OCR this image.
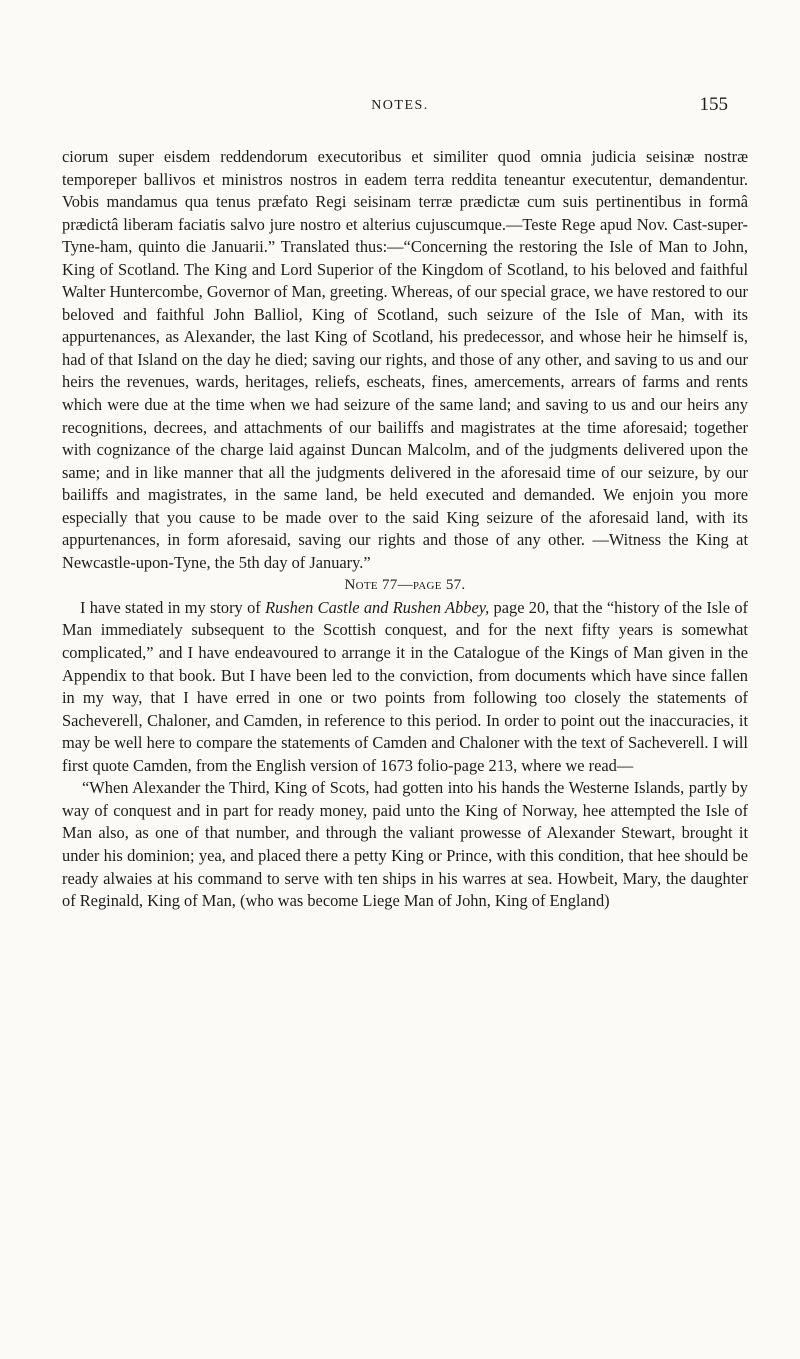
NOTES.	155

ciorum super eisdem reddendorum executoribus et similiter quod omnia judicia seisinæ nostræ temporeper ballivos et ministros nostros in eadem terra reddita teneantur executentur, demandentur. Vobis mandamus qua tenus præfato Regi seisinam terræ prædictæ cum suis pertinentibus in formâ prædictâ liberam faciatis salvo jure nostro et alterius cujuscumque.—Teste Rege apud Nov. Cast-super-Tyne-ham, quinto die Januarii.” Translated thus:—“Concerning the restoring the Isle of Man to John, King of Scotland. The King and Lord Superior of the Kingdom of Scotland, to his beloved and faithful Walter Huntercombe, Governor of Man, greeting. Whereas, of our special grace, we have restored to our beloved and faithful John Balliol, King of Scotland, such seizure of the Isle of Man, with its appurtenances, as Alexander, the last King of Scotland, his predecessor, and whose heir he himself is, had of that Island on the day he died; saving our rights, and those of any other, and saving to us and our heirs the revenues, wards, heritages, reliefs, escheats, fines, amercements, arrears of farms and rents which were due at the time when we had seizure of the same land; and saving to us and our heirs any recognitions, decrees, and attachments of our bailiffs and magistrates at the time aforesaid; together with cognizance of the charge laid against Duncan Malcolm, and of the judgments delivered upon the same; and in like manner that all the judgments delivered in the aforesaid time of our seizure, by our bailiffs and magistrates, in the same land, be held executed and demanded. We enjoin you more especially that you cause to be made over to the said King seizure of the aforesaid land, with its appurtenances, in form aforesaid, saving our rights and those of any other. —Witness the King at Newcastle-upon-Tyne, the 5th day of January.”

Note 77—page 57.

I have stated in my story of Rushen Castle and Rushen Abbey, page 20, that the “history of the Isle of Man immediately subsequent to the Scottish conquest, and for the next fifty years is somewhat complicated,” and I have endeavoured to arrange it in the Catalogue of the Kings of Man given in the Appendix to that book. But I have been led to the conviction, from documents which have since fallen in my way, that I have erred in one or two points from following too closely the statements of Sacheverell, Chaloner, and Camden, in reference to this period. In order to point out the inaccuracies, it may be well here to compare the statements of Camden and Chaloner with the text of Sacheverell. I will first quote Camden, from the English version of 1673 folio-page 213, where we read—

“When Alexander the Third, King of Scots, had gotten into his hands the Westerne Islands, partly by way of conquest and in part for ready money, paid unto the King of Norway, hee attempted the Isle of Man also, as one of that number, and through the valiant prowesse of Alexander Stewart, brought it under his dominion; yea, and placed there a petty King or Prince, with this condition, that hee should be ready alwaies at his command to serve with ten ships in his warres at sea. Howbeit, Mary, the daughter of Reginald, King of Man, (who was become Liege Man of John, King of England)
